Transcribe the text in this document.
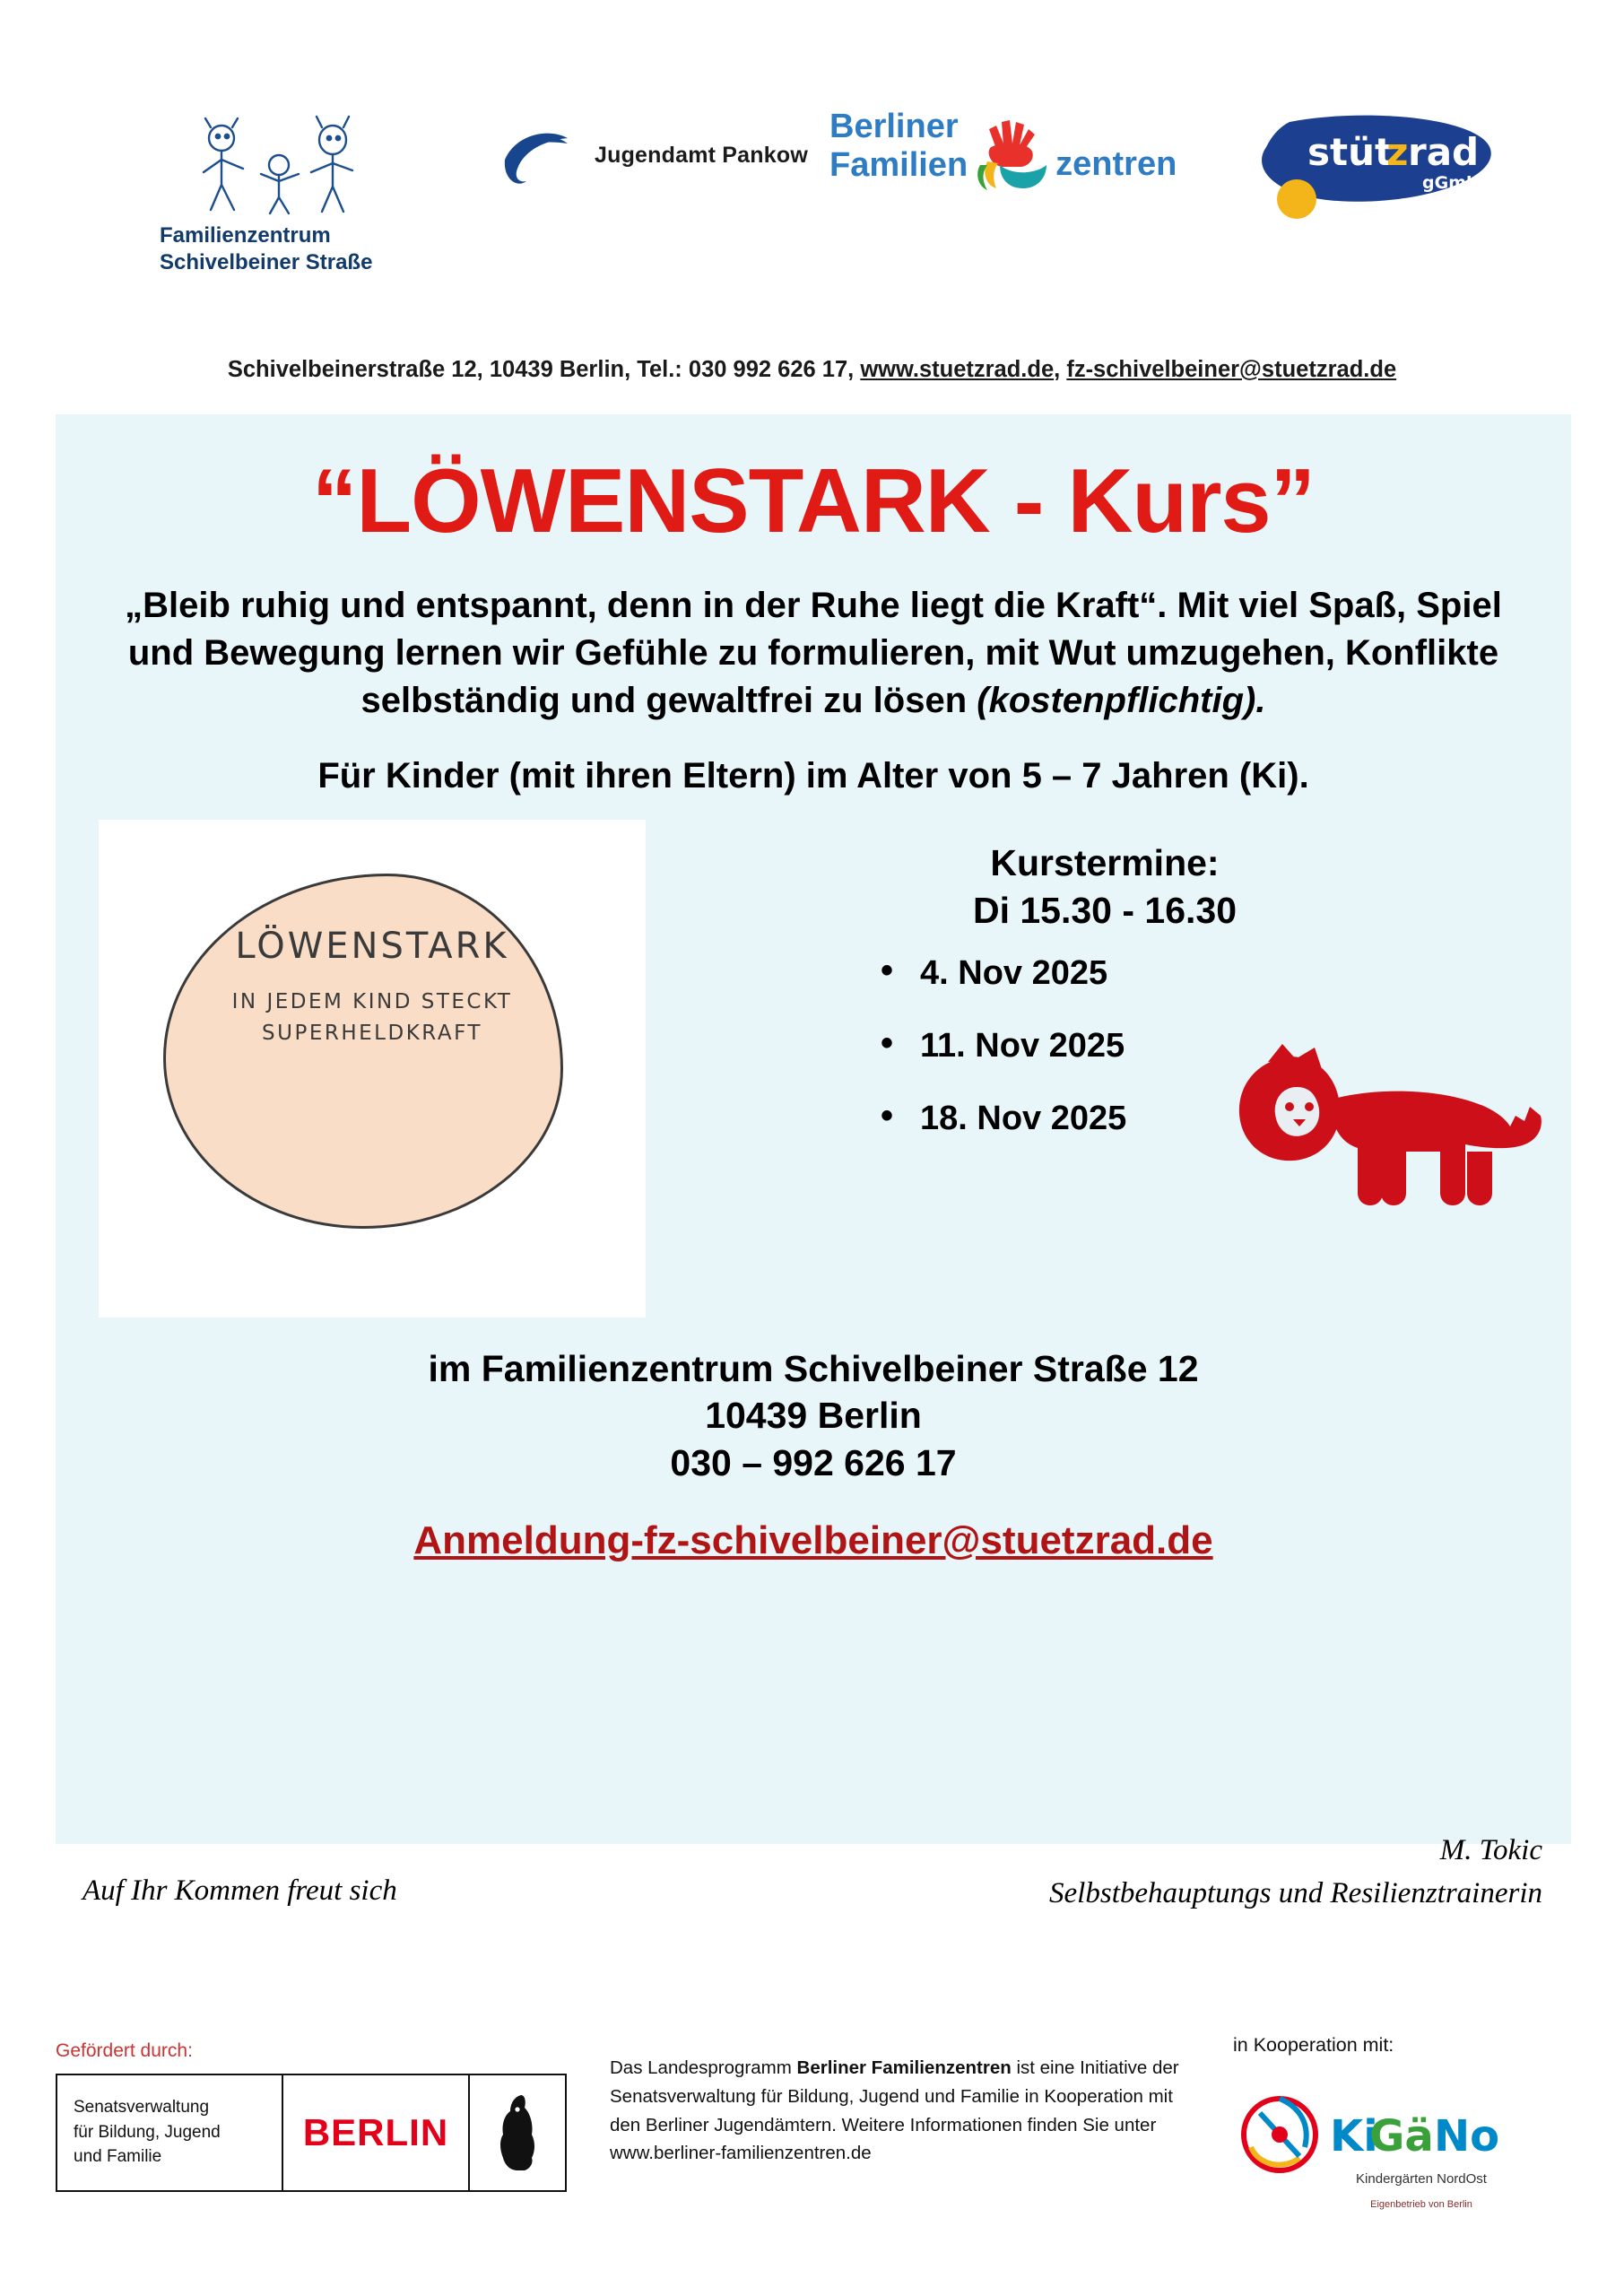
Familienzentrum
Schivelbeiner Straße
Jugendamt Pankow
Berliner
Familien	zentren	stüt
z rad
gGmbH
Schivelbeinerstraße 12, 10439 Berlin, Tel.: 030 992 626 17, www.stuetzrad.de, fz-schivelbeiner@stuetzrad.de
“LÖWENSTARK - Kurs”
„Bleib ruhig und entspannt, denn in der Ruhe liegt die Kraft“. Mit viel Spaß, Spiel und Bewegung lernen wir Gefühle zu formulieren, mit Wut umzugehen, Konflikte selbständig und gewaltfrei zu lösen (kostenpflichtig).
Für Kinder (mit ihren Eltern) im Alter von 5 – 7 Jahren (Ki).
LÖWENSTARK
IN JEDEM KIND STECKT
SUPERHELDKRAFT
Kurstermine:
Di 15.30 - 16.30
• 4. Nov 2025
• 11. Nov 2025
• 18. Nov 2025
im Familienzentrum Schivelbeiner Straße 12
10439 Berlin
030 – 992 626 17
Anmeldung-fz-schivelbeiner@stuetzrad.de
Auf Ihr Kommen freut sich
M. Tokic
Selbstbehauptungs und Resilienztrainerin
Gefördert durch:
Senatsverwaltung
für Bildung, Jugend
und Familie
BERLIN
Das Landesprogramm Berliner Familienzentren ist eine Initiative der Senatsverwaltung für Bildung, Jugend und Familie in Kooperation mit den Berliner Jugendämtern. Weitere Informationen finden Sie unter www.berliner-familienzentren.de
in Kooperation mit:
Ki
Gä No
Kindergärten NordOst
Eigenbetrieb von Berlin
